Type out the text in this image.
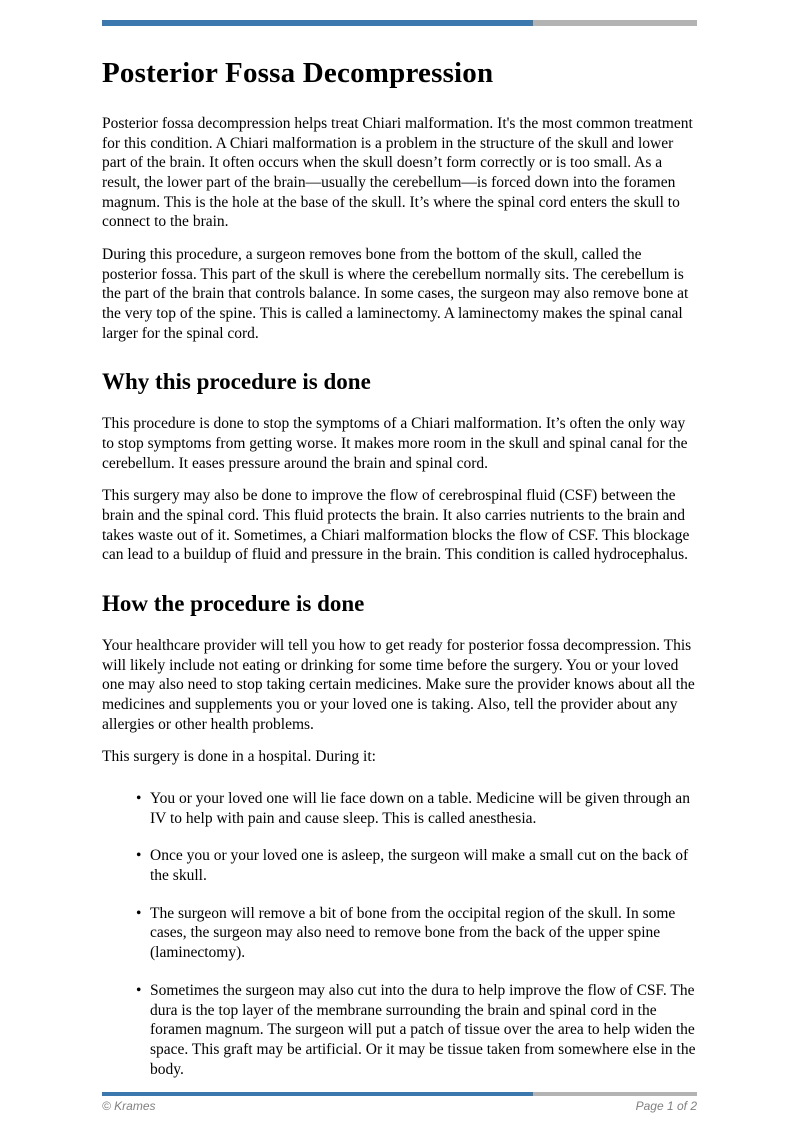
Posterior Fossa Decompression

Posterior fossa decompression helps treat Chiari malformation. It's the most common treatment for this condition. A Chiari malformation is a problem in the structure of the skull and lower part of the brain. It often occurs when the skull doesn’t form correctly or is too small. As a result, the lower part of the brain—usually the cerebellum—is forced down into the foramen magnum. This is the hole at the base of the skull. It’s where the spinal cord enters the skull to connect to the brain.

During this procedure, a surgeon removes bone from the bottom of the skull, called the posterior fossa. This part of the skull is where the cerebellum normally sits. The cerebellum is the part of the brain that controls balance. In some cases, the surgeon may also remove bone at the very top of the spine. This is called a laminectomy. A laminectomy makes the spinal canal larger for the spinal cord.

Why this procedure is done

This procedure is done to stop the symptoms of a Chiari malformation. It’s often the only way to stop symptoms from getting worse. It makes more room in the skull and spinal canal for the cerebellum. It eases pressure around the brain and spinal cord.

This surgery may also be done to improve the flow of cerebrospinal fluid (CSF) between the brain and the spinal cord. This fluid protects the brain. It also carries nutrients to the brain and takes waste out of it. Sometimes, a Chiari malformation blocks the flow of CSF. This blockage can lead to a buildup of fluid and pressure in the brain. This condition is called hydrocephalus.

How the procedure is done

Your healthcare provider will tell you how to get ready for posterior fossa decompression. This will likely include not eating or drinking for some time before the surgery. You or your loved one may also need to stop taking certain medicines. Make sure the provider knows about all the medicines and supplements you or your loved one is taking. Also, tell the provider about any allergies or other health problems.

This surgery is done in a hospital. During it:

• You or your loved one will lie face down on a table. Medicine will be given through an IV to help with pain and cause sleep. This is called anesthesia.
• Once you or your loved one is asleep, the surgeon will make a small cut on the back of the skull.
• The surgeon will remove a bit of bone from the occipital region of the skull. In some cases, the surgeon may also need to remove bone from the back of the upper spine (laminectomy).
• Sometimes the surgeon may also cut into the dura to help improve the flow of CSF. The dura is the top layer of the membrane surrounding the brain and spinal cord in the foramen magnum. The surgeon will put a patch of tissue over the area to help widen the space. This graft may be artificial. Or it may be tissue taken from somewhere else in the body.
© Krames	Page 1 of 2
